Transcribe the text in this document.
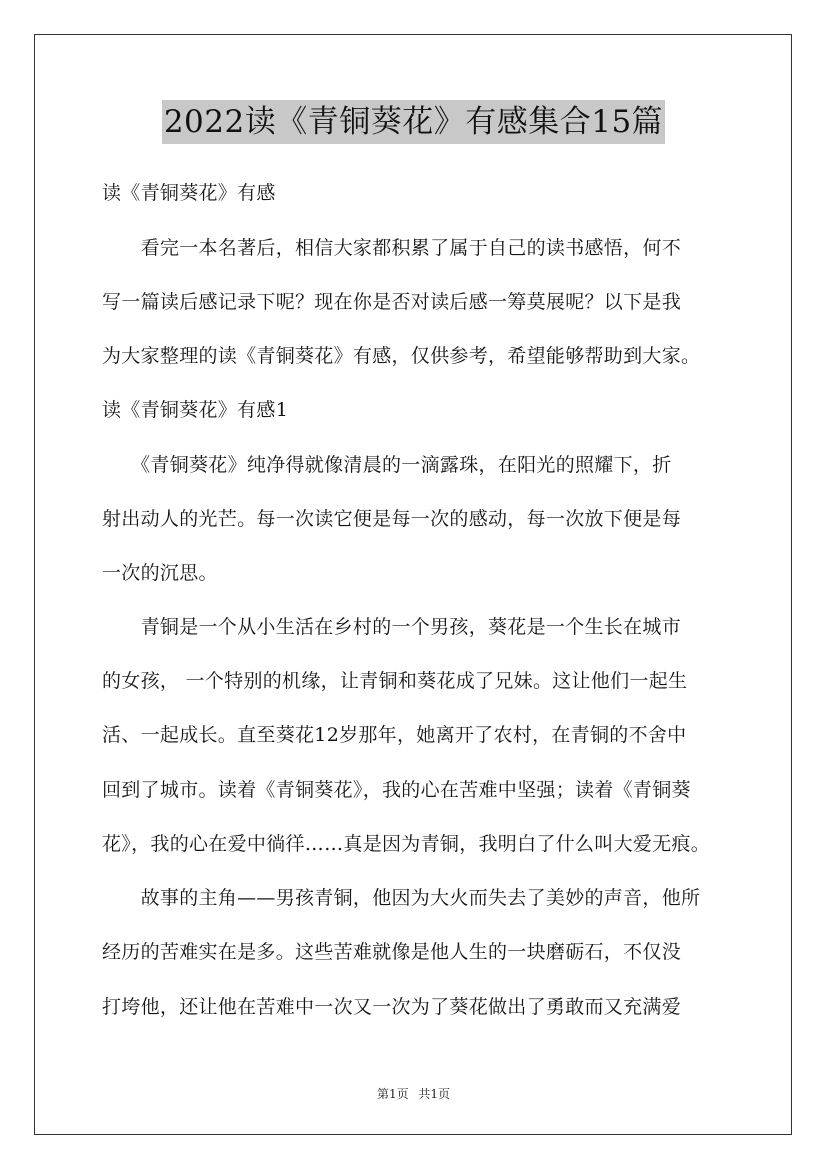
2022读《青铜葵花》有感集合15篇
读《青铜葵花》有感
　　看完一本名著后，相信大家都积累了属于自己的读书感悟，何不
写一篇读后感记录下呢？现在你是否对读后感一筹莫展呢？以下是我
为大家整理的读《青铜葵花》有感，仅供参考，希望能够帮助到大家。
读《青铜葵花》有感1
　　《青铜葵花》纯净得就像清晨的一滴露珠，在阳光的照耀下，折
射出动人的光芒。每一次读它便是每一次的感动，每一次放下便是每
一次的沉思。
　　青铜是一个从小生活在乡村的一个男孩，葵花是一个生长在城市
的女孩， 一个特别的机缘，让青铜和葵花成了兄妹。这让他们一起生
活、一起成长。直至葵花12岁那年，她离开了农村，在青铜的不舍中
回到了城市。读着《青铜葵花》，我的心在苦难中坚强；读着《青铜葵
花》，我的心在爱中徜徉……真是因为青铜，我明白了什么叫大爱无痕。
　　故事的主角——男孩青铜，他因为大火而失去了美妙的声音，他所
经历的苦难实在是多。这些苦难就像是他人生的一块磨砺石，不仅没
打垮他，还让他在苦难中一次又一次为了葵花做出了勇敢而又充满爱
第1页 共1页
